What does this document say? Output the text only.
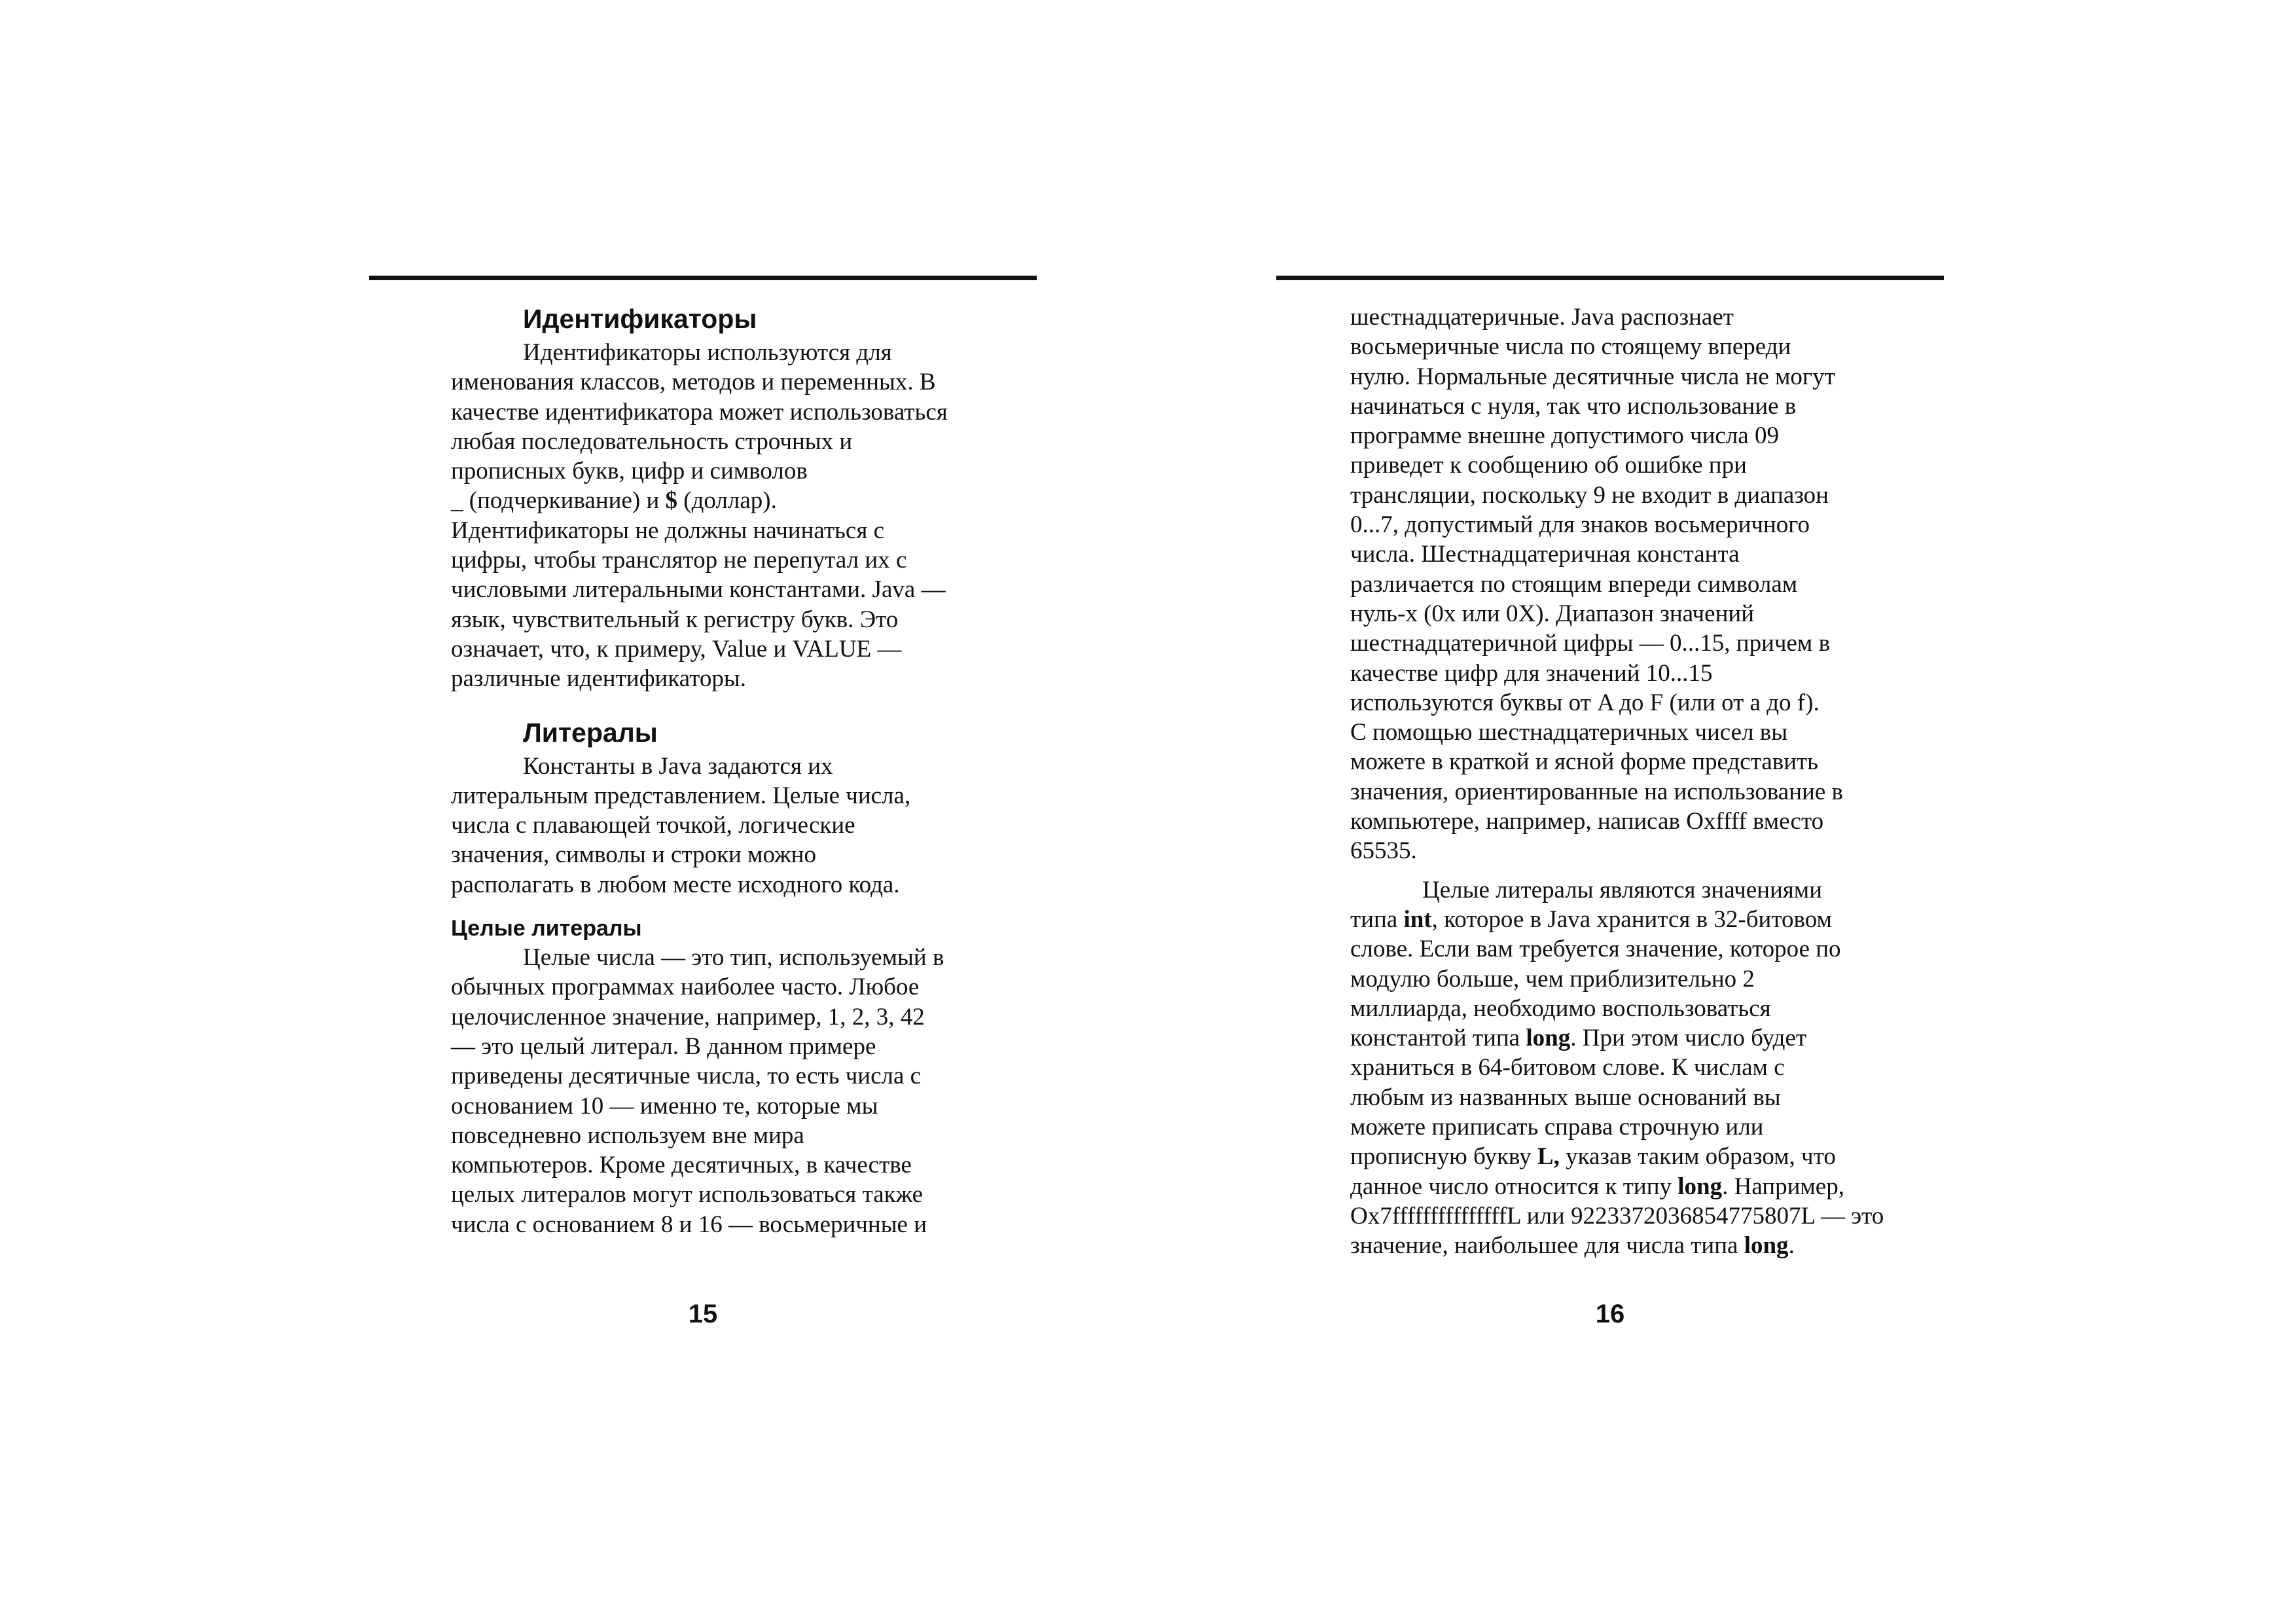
Идентификаторы

Идентификаторы используются для
именования классов, методов и переменных. В
качестве идентификатора может использоваться
любая последовательность строчных и
прописных букв, цифр и символов
_ (подчеркивание) и $ (доллар).
Идентификаторы не должны начинаться с
цифры, чтобы транслятор не перепутал их с
числовыми литеральными константами. Java —
язык, чувствительный к регистру букв. Это
означает, что, к примеру, Value и VALUE —
различные идентификаторы.

Литералы

Константы в Java задаются их
литеральным представлением. Целые числа,
числа с плавающей точкой, логические
значения, символы и строки можно
располагать в любом месте исходного кода.

Целые литералы

Целые числа — это тип, используемый в
обычных программах наиболее часто. Любое
целочисленное значение, например, 1, 2, 3, 42
— это целый литерал. В данном примере
приведены десятичные числа, то есть числа с
основанием 10 — именно те, которые мы
повседневно используем вне мира
компьютеров. Кроме десятичных, в качестве
целых литералов могут использоваться также
числа с основанием 8 и 16 — восьмеричные и

15

шестнадцатеричные. Java распознает
восьмеричные числа по стоящему впереди
нулю. Нормальные десятичные числа не могут
начинаться с нуля, так что использование в
программе внешне допустимого числа 09
приведет к сообщению об ошибке при
трансляции, поскольку 9 не входит в диапазон
0...7, допустимый для знаков восьмеричного
числа. Шестнадцатеричная константа
различается по стоящим впереди символам
нуль-x (0x или 0X). Диапазон значений
шестнадцатеричной цифры — 0...15, причем в
качестве цифр для значений 10...15
используются буквы от A до F (или от a до f).
С помощью шестнадцатеричных чисел вы
можете в краткой и ясной форме представить
значения, ориентированные на использование в
компьютере, например, написав Oxffff вместо
65535.

Целые литералы являются значениями
типа int, которое в Java хранится в 32-битовом
слове. Если вам требуется значение, которое по
модулю больше, чем приблизительно 2
миллиарда, необходимо воспользоваться
константой типа long. При этом число будет
храниться в 64-битовом слове. К числам с
любым из названных выше оснований вы
можете приписать справа строчную или
прописную букву L, указав таким образом, что
данное число относится к типу long. Например,
Ox7fffffffffffffffL или 9223372036854775807L — это
значение, наибольшее для числа типа long.

16
